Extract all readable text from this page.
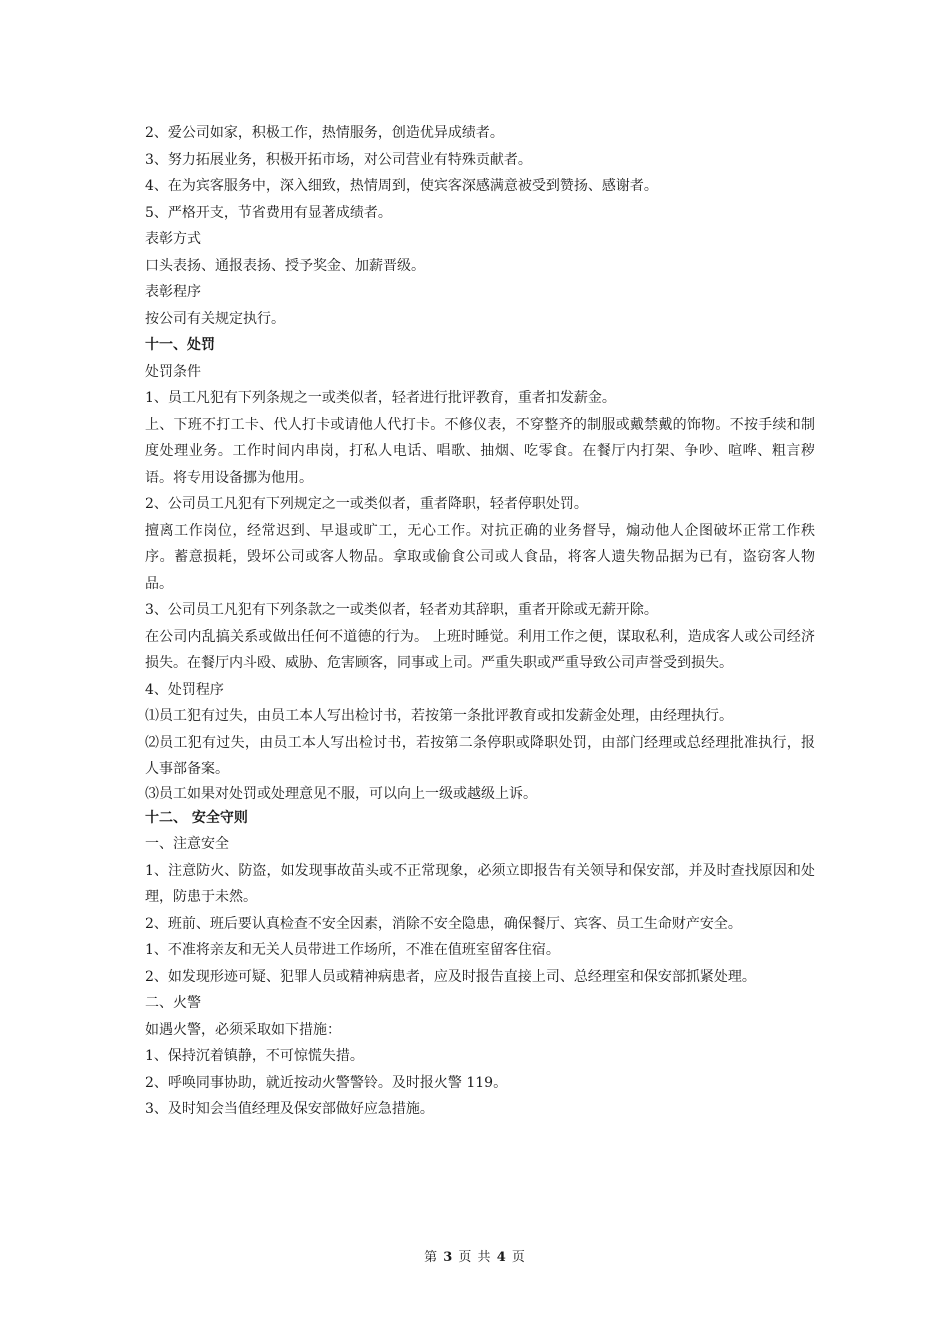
2、爱公司如家，积极工作，热情服务，创造优异成绩者。
3、努力拓展业务，积极开拓市场，对公司营业有特殊贡献者。
4、在为宾客服务中，深入细致，热情周到，使宾客深感满意被受到赞扬、感谢者。
5、严格开支，节省费用有显著成绩者。
表彰方式
口头表扬、通报表扬、授予奖金、加薪晋级。
表彰程序
按公司有关规定执行。
十一、处罚
处罚条件
1、员工凡犯有下列条规之一或类似者，轻者进行批评教育，重者扣发薪金。
上、下班不打工卡、代人打卡或请他人代打卡。不修仪表，不穿整齐的制服或戴禁戴的饰物。不按手续和制度处理业务。工作时间内串岗，打私人电话、唱歌、抽烟、吃零食。在餐厅内打架、争吵、喧哗、粗言秽语。将专用设备挪为他用。
2、公司员工凡犯有下列规定之一或类似者，重者降职，轻者停职处罚。
擅离工作岗位，经常迟到、早退或旷工，无心工作。对抗正确的业务督导，煽动他人企图破坏正常工作秩序。蓄意损耗，毁坏公司或客人物品。拿取或偷食公司或人食品，将客人遗失物品据为已有，盗窃客人物品。
3、公司员工凡犯有下列条款之一或类似者，轻者劝其辞职，重者开除或无薪开除。
在公司内乱搞关系或做出任何不道德的行为。 上班时睡觉。利用工作之便，谋取私利，造成客人或公司经济损失。在餐厅内斗殴、威胁、危害顾客，同事或上司。严重失职或严重导致公司声誉受到损失。
4、处罚程序
⑴员工犯有过失，由员工本人写出检讨书，若按第一条批评教育或扣发薪金处理，由经理执行。
⑵员工犯有过失，由员工本人写出检讨书，若按第二条停职或降职处罚，由部门经理或总经理批准执行，报人事部备案。
⑶员工如果对处罚或处理意见不服，可以向上一级或越级上诉。
十二、 安全守则
一、注意安全
1、注意防火、防盗，如发现事故苗头或不正常现象，必须立即报告有关领导和保安部，并及时查找原因和处理，防患于未然。
2、班前、班后要认真检查不安全因素，消除不安全隐患，确保餐厅、宾客、员工生命财产安全。
1、不准将亲友和无关人员带进工作场所，不准在值班室留客住宿。
2、如发现形迹可疑、犯罪人员或精神病患者，应及时报告直接上司、总经理室和保安部抓紧处理。
二、火警
如遇火警，必须采取如下措施：
1、保持沉着镇静，不可惊慌失措。
2、呼唤同事协助，就近按动火警警铃。及时报火警 119。
3、及时知会当值经理及保安部做好应急措施。
第 3 页 共 4 页
